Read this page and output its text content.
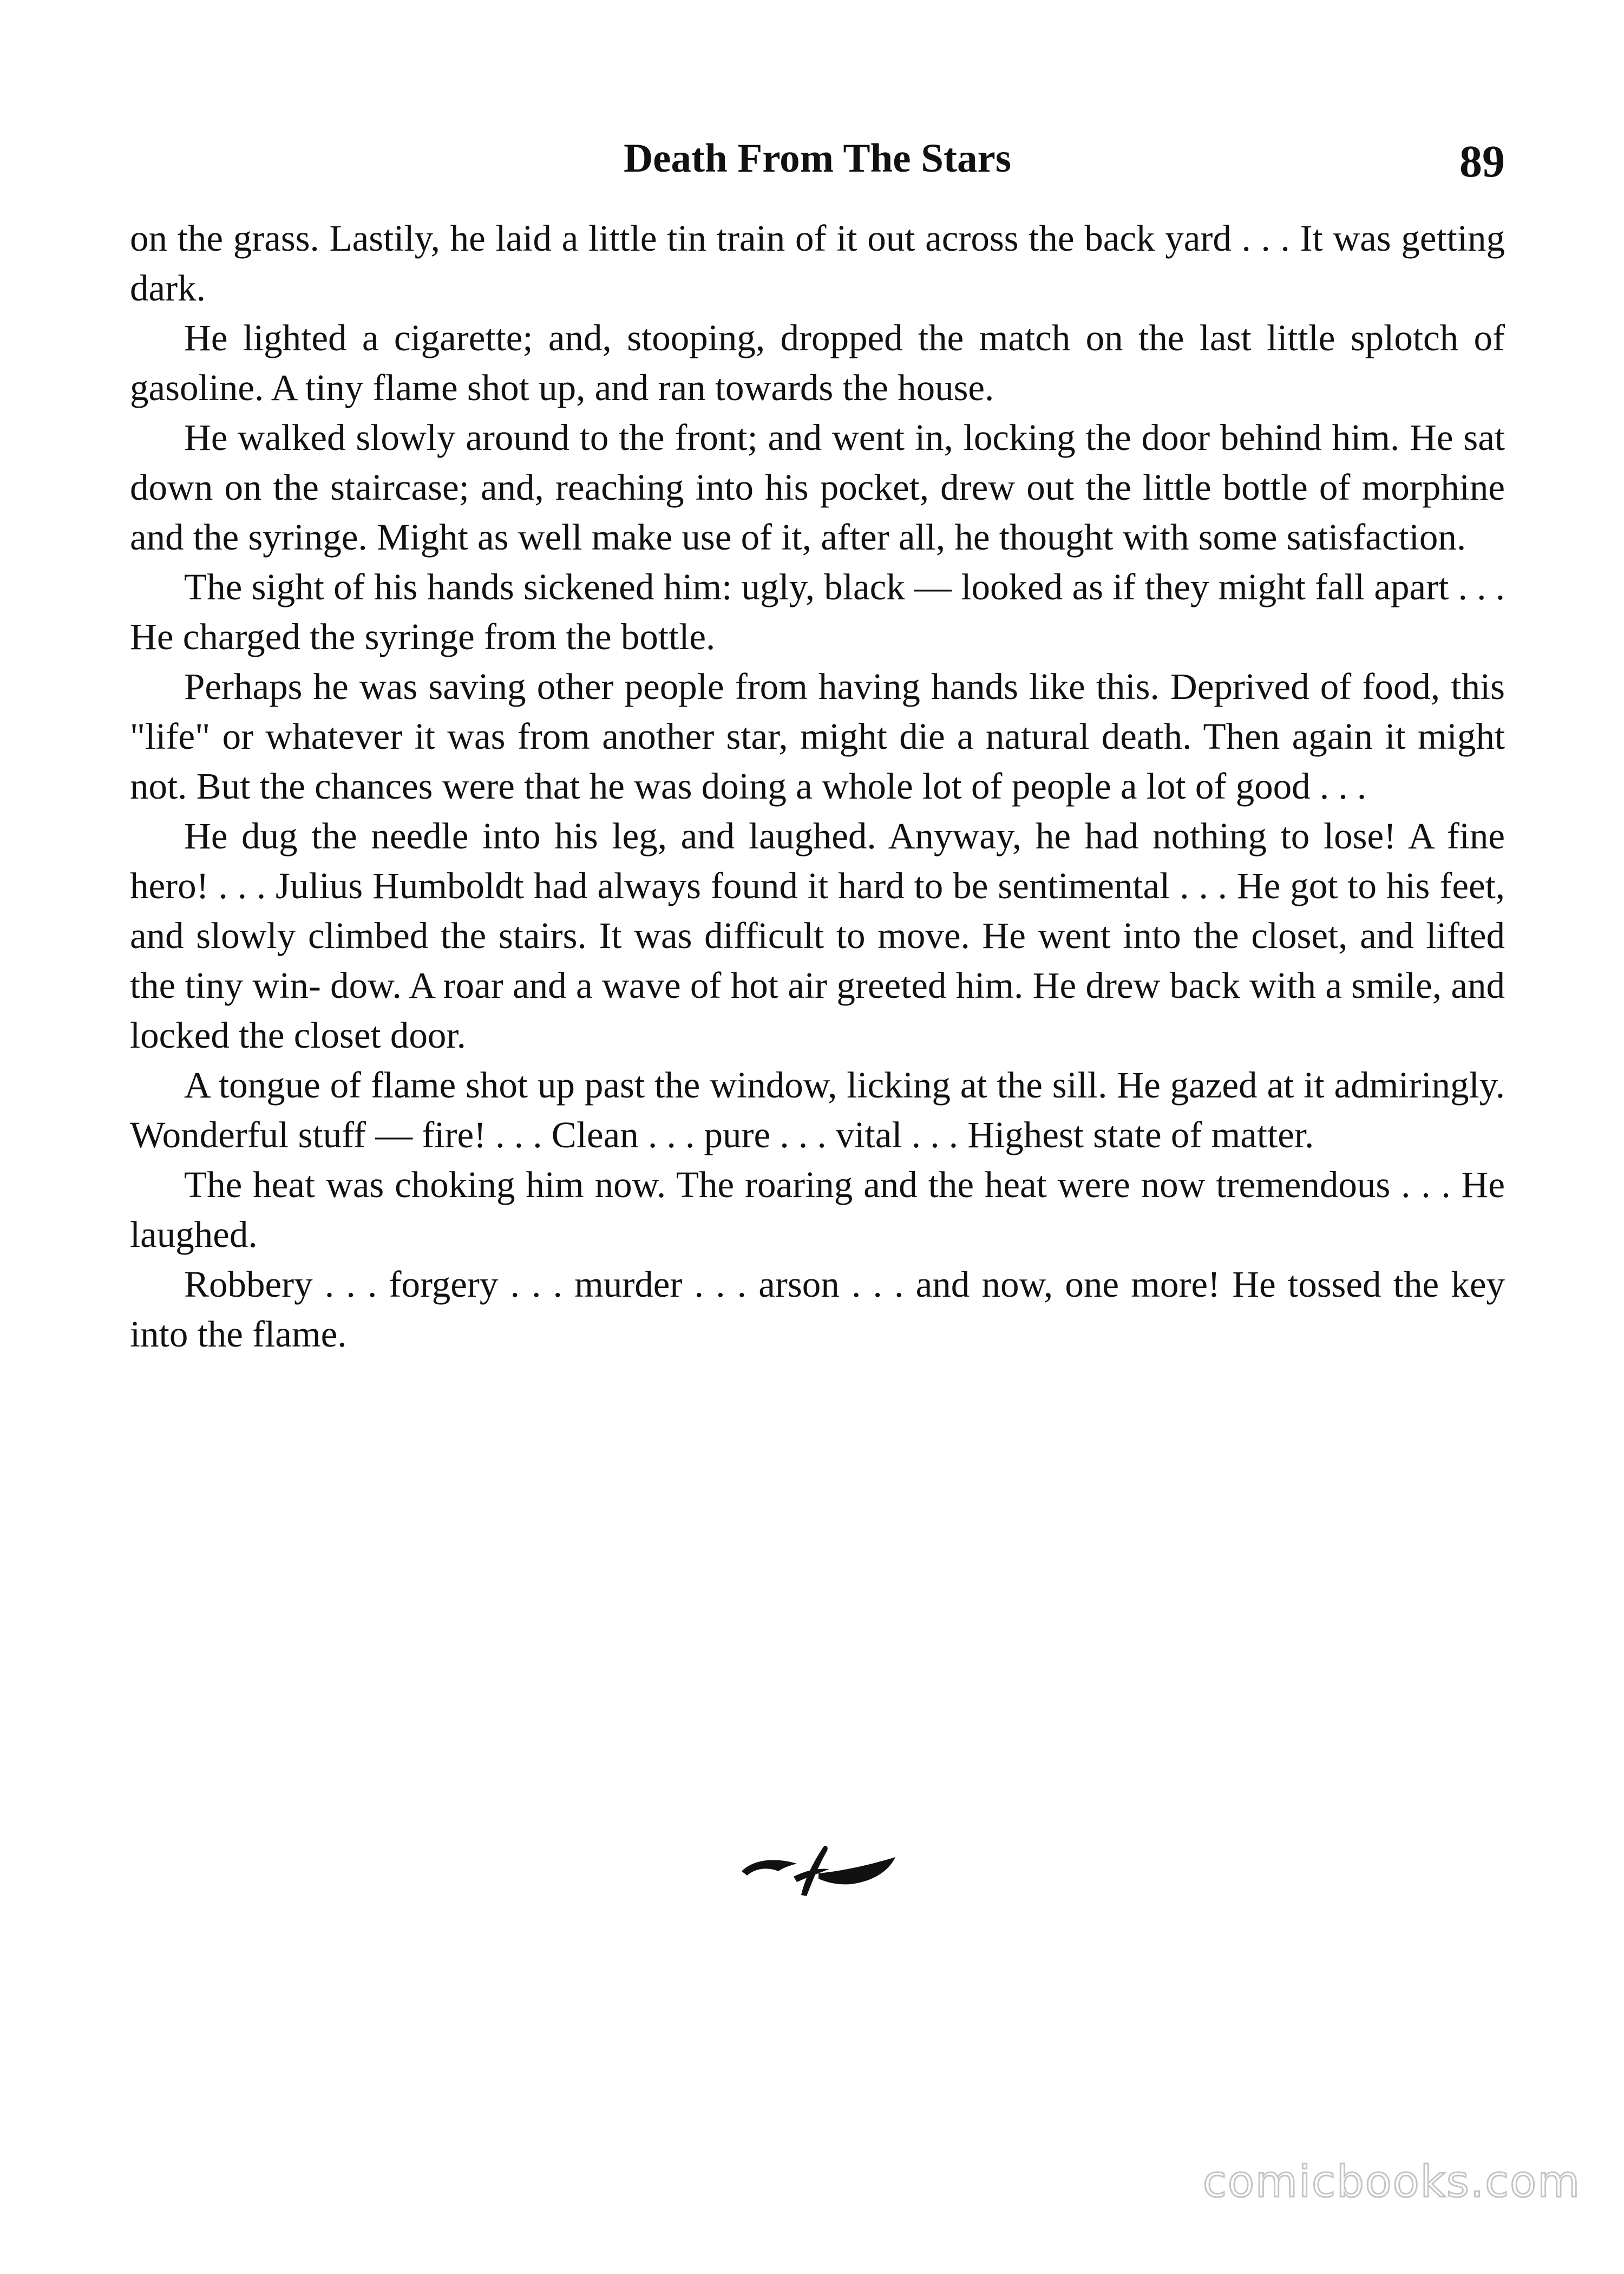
Death From The Stars	89

on the grass. Lastily, he laid a little tin train of it out across the back yard . . . It was getting dark.

He lighted a cigarette; and, stooping, dropped the match on the last little splotch of gasoline. A tiny flame shot up, and ran towards the house.

He walked slowly around to the front; and went in, locking the door behind him. He sat down on the staircase; and, reaching into his pocket, drew out the little bottle of morphine and the syringe. Might as well make use of it, after all, he thought with some satisfaction.

The sight of his hands sickened him: ugly, black — looked as if they might fall apart . . . He charged the syringe from the bottle.

Perhaps he was saving other people from having hands like this. Deprived of food, this "life" or whatever it was from another star, might die a natural death. Then again it might not. But the chances were that he was doing a whole lot of people a lot of good . . .

He dug the needle into his leg, and laughed. Anyway, he had nothing to lose! A fine hero! . . . Julius Humboldt had always found it hard to be sentimental . . . He got to his feet, and slowly climbed the stairs. It was difficult to move. He went into the closet, and lifted the tiny win- dow. A roar and a wave of hot air greeted him. He drew back with a smile, and locked the closet door.

A tongue of flame shot up past the window, licking at the sill. He gazed at it admiringly. Wonderful stuff — fire! . . . Clean . . . pure . . . vital . . . Highest state of matter.

The heat was choking him now. The roaring and the heat were now tremendous . . . He laughed.

Robbery . . . forgery . . . murder . . . arson . . . and now, one more! He tossed the key into the flame.

comicbooks.com
